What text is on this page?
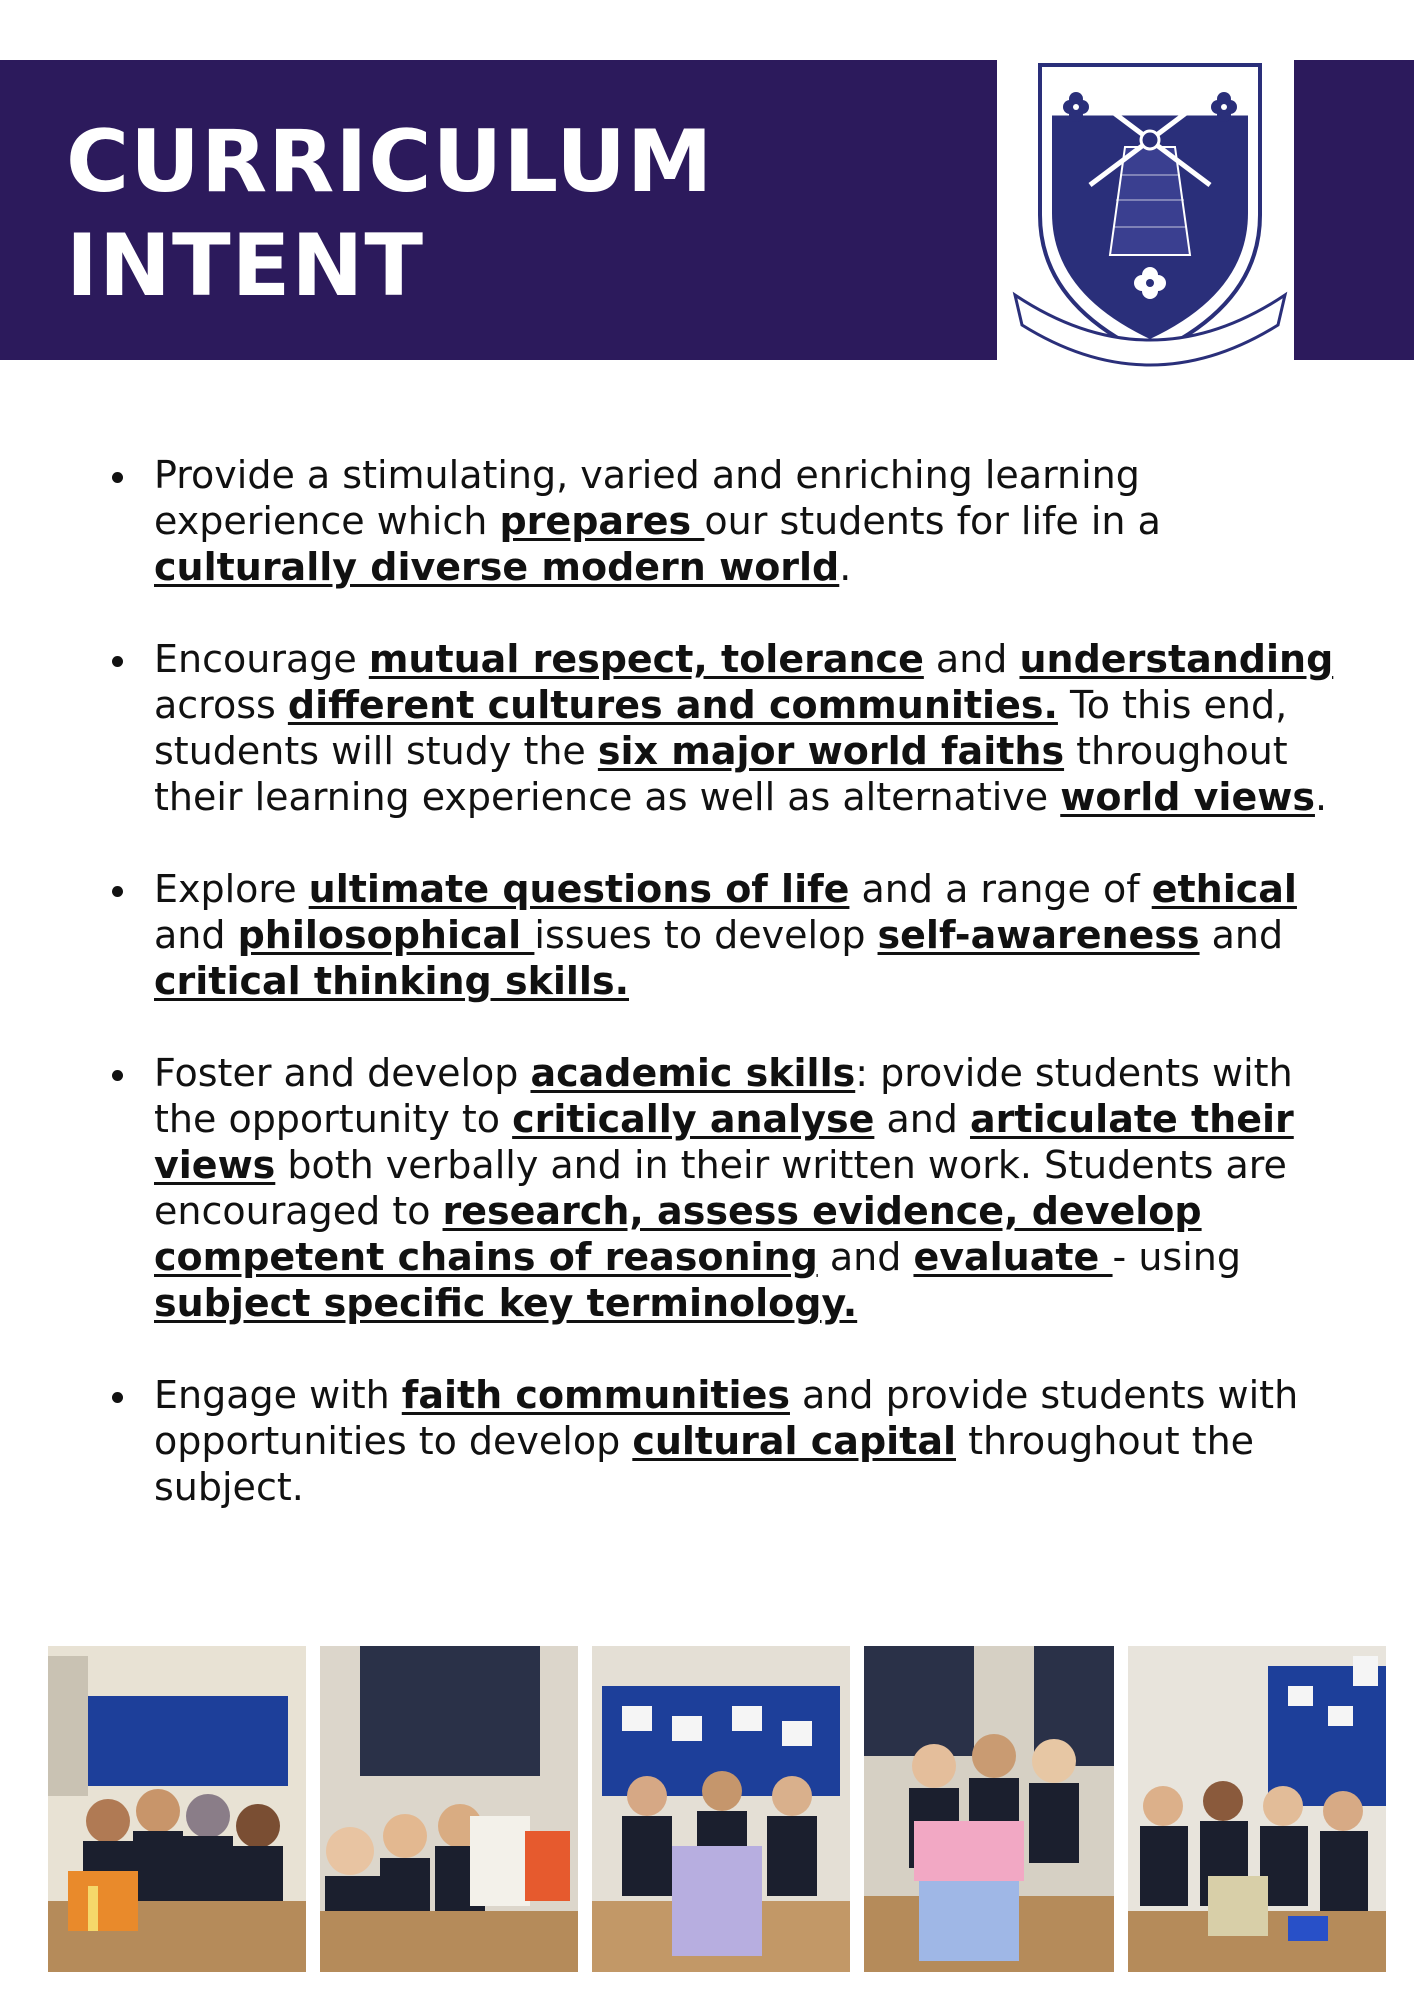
CURRICULUM
INTENT
Provide a stimulating, varied and enriching learning experience which prepares our students for life in a culturally diverse modern world.
Encourage mutual respect, tolerance and understanding across different cultures and communities. To this end, students will study the six major world faiths throughout their learning experience as well as alternative world views.
Explore ultimate questions of life and a range of ethical and philosophical issues to develop self-awareness and critical thinking skills.
Foster and develop academic skills: provide students with the opportunity to critically analyse and articulate their views both verbally and in their written work. Students are encouraged to research, assess evidence, develop competent chains of reasoning and evaluate - using subject specific key terminology.
Engage with faith communities and provide students with opportunities to develop cultural capital throughout the subject.
